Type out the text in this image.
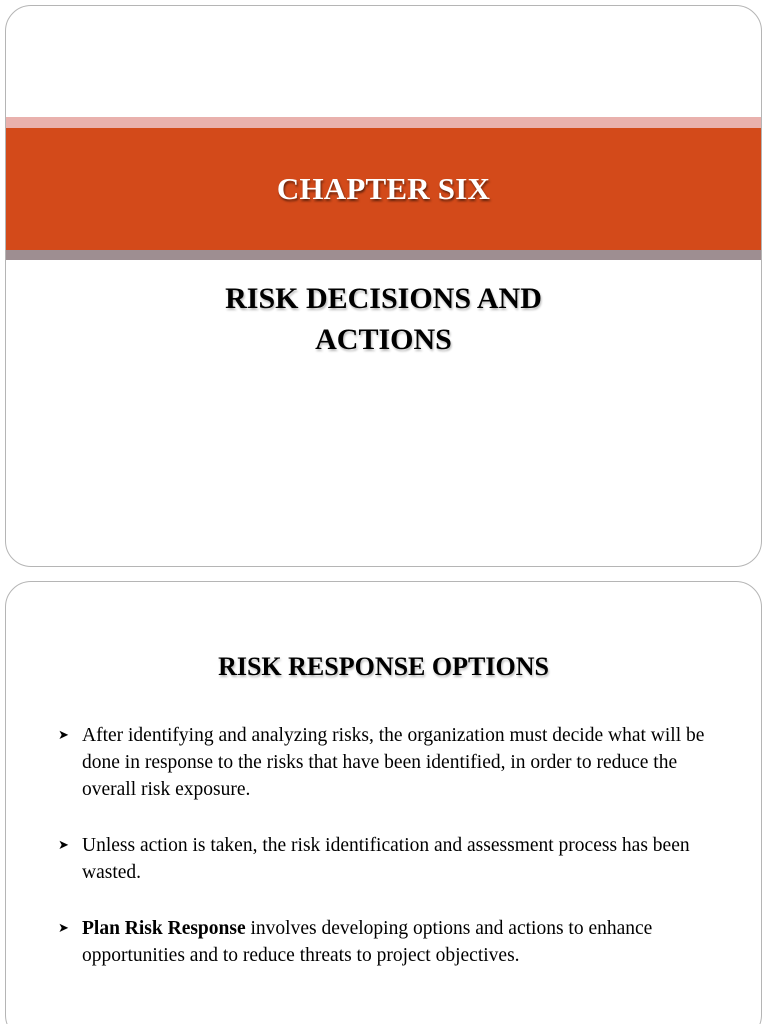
CHAPTER SIX
RISK DECISIONS AND
ACTIONS
RISK RESPONSE OPTIONS
➤ After identifying and analyzing risks, the organization must decide what will be done in response to the risks that have been identified, in order to reduce the overall risk exposure.
➤ Unless action is taken, the risk identification and assessment process has been wasted.
➤ Plan Risk Response involves developing options and actions to enhance opportunities and to reduce threats to project objectives.
